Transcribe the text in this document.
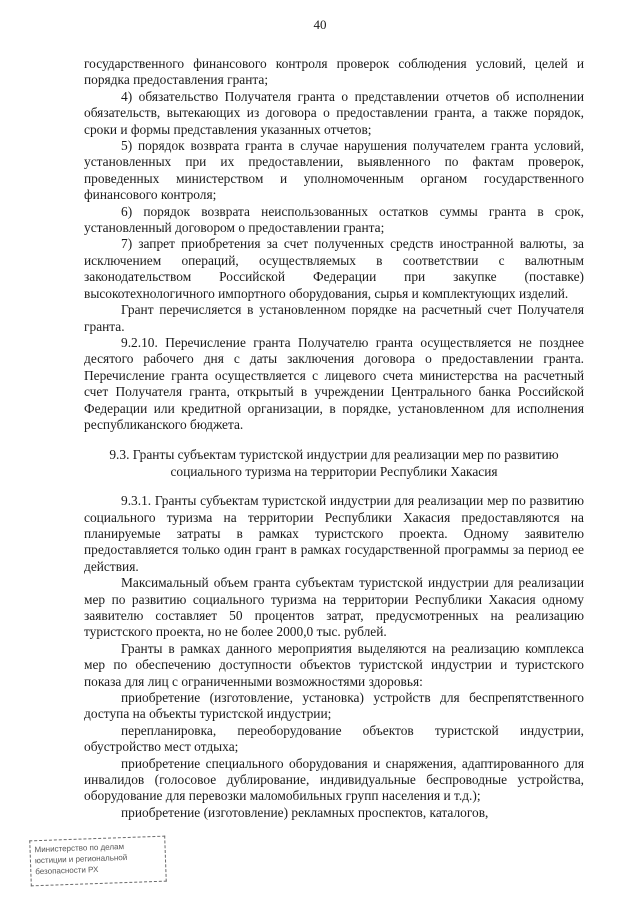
40

государственного финансового контроля проверок соблюдения условий, целей и порядка предоставления гранта;

4) обязательство Получателя гранта о представлении отчетов об исполнении обязательств, вытекающих из договора о предоставлении гранта, а также порядок, сроки и формы представления указанных отчетов;

5) порядок возврата гранта в случае нарушения получателем гранта условий, установленных при их предоставлении, выявленного по фактам проверок, проведенных министерством и уполномоченным органом государственного финансового контроля;

6) порядок возврата неиспользованных остатков суммы гранта в срок, установленный договором о предоставлении гранта;

7) запрет приобретения за счет полученных средств иностранной валюты, за исключением операций, осуществляемых в соответствии с валютным законодательством Российской Федерации при закупке (поставке) высокотехнологичного импортного оборудования, сырья и комплектующих изделий.

Грант перечисляется в установленном порядке на расчетный счет Получателя гранта.

9.2.10. Перечисление гранта Получателю гранта осуществляется не позднее десятого рабочего дня с даты заключения договора о предоставлении гранта. Перечисление гранта осуществляется с лицевого счета министерства на расчетный счет Получателя гранта, открытый в учреждении Центрального банка Российской Федерации или кредитной организации, в порядке, установленном для исполнения республиканского бюджета.

9.3. Гранты субъектам туристской индустрии для реализации мер по развитию социального туризма на территории Республики Хакасия

9.3.1. Гранты субъектам туристской индустрии для реализации мер по развитию социального туризма на территории Республики Хакасия предоставляются на планируемые затраты в рамках туристского проекта. Одному заявителю предоставляется только один грант в рамках государственной программы за период ее действия.

Максимальный объем гранта субъектам туристской индустрии для реализации мер по развитию социального туризма на территории Республики Хакасия одному заявителю составляет 50 процентов затрат, предусмотренных на реализацию туристского проекта, но не более 2000,0 тыс. рублей.

Гранты в рамках данного мероприятия выделяются на реализацию комплекса мер по обеспечению доступности объектов туристской индустрии и туристского показа для лиц с ограниченными возможностями здоровья:

приобретение (изготовление, установка) устройств для беспрепятственного доступа на объекты туристской индустрии;

перепланировка, переоборудование объектов туристской индустрии, обустройство мест отдыха;

приобретение специального оборудования и снаряжения, адаптированного для инвалидов (голосовое дублирование, индивидуальные беспроводные устройства, оборудование для перевозки маломобильных групп населения и т.д.);

приобретение (изготовление) рекламных проспектов, каталогов,

Министерство по делам
юстиции и региональной
безопасности РХ
